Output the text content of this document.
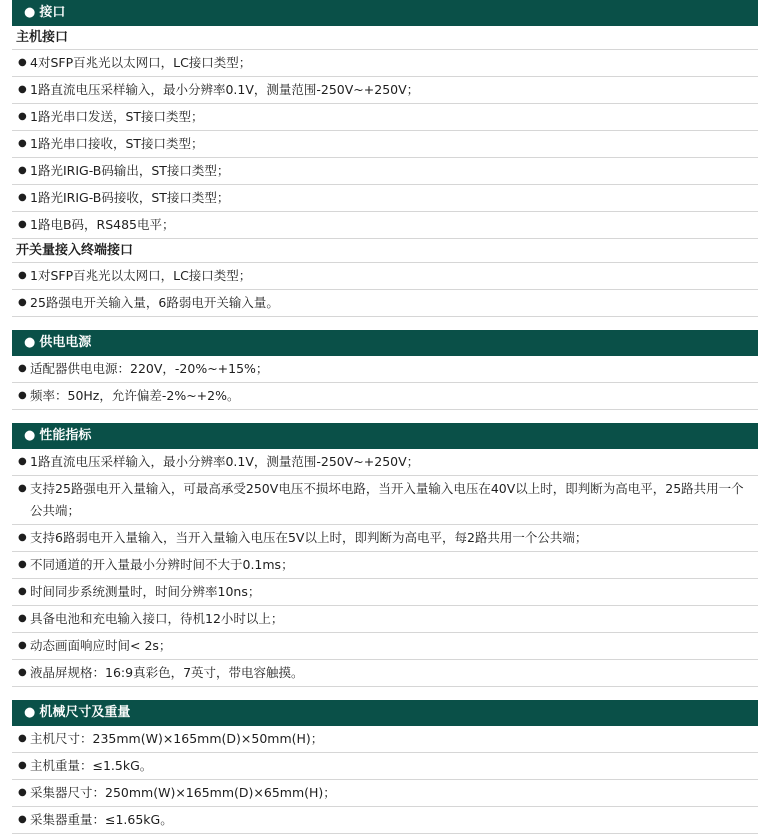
● 接口
主机接口
● 4对SFP百兆光以太网口，LC接口类型；
● 1路直流电压采样输入，最小分辨率0.1V，测量范围-250V~+250V；
● 1路光串口发送，ST接口类型；
● 1路光串口接收，ST接口类型；
● 1路光IRIG-B码输出，ST接口类型；
● 1路光IRIG-B码接收，ST接口类型；
● 1路电B码，RS485电平；
开关量接入终端接口
● 1对SFP百兆光以太网口，LC接口类型；
● 25路强电开关输入量，6路弱电开关输入量。
● 供电电源
● 适配器供电电源：220V，-20%~+15%；
● 频率：50Hz，允许偏差-2%~+2%。
● 性能指标
● 1路直流电压采样输入，最小分辨率0.1V，测量范围-250V~+250V；
● 支持25路强电开入量输入，可最高承受250V电压不损坏电路，当开入量输入电压在40V以上时，即判断为高电平，25路共用一个公共端；
● 支持6路弱电开入量输入，当开入量输入电压在5V以上时，即判断为高电平，每2路共用一个公共端；
● 不同通道的开入量最小分辨时间不大于0.1ms；
● 时间同步系统测量时，时间分辨率10ns；
● 具备电池和充电输入接口，待机12小时以上；
● 动态画面响应时间< 2s；
● 液晶屏规格：16:9真彩色，7英寸，带电容触摸。
● 机械尺寸及重量
● 主机尺寸：235mm(W)×165mm(D)×50mm(H)；
● 主机重量：≤1.5kG。
● 采集器尺寸：250mm(W)×165mm(D)×65mm(H)；
● 采集器重量：≤1.65kG。
